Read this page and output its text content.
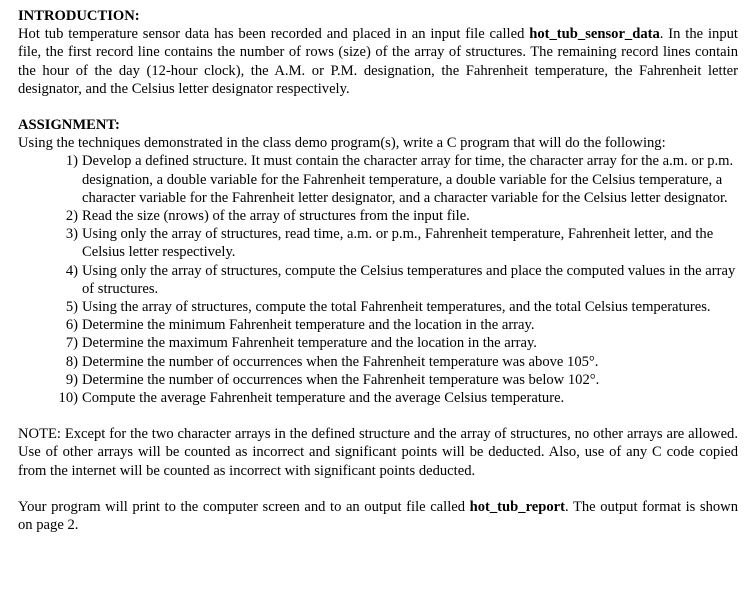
INTRODUCTION:

Hot tub temperature sensor data has been recorded and placed in an input file called hot_tub_sensor_data. In the input file, the first record line contains the number of rows (size) of the array of structures. The remaining record lines contain the hour of the day (12-hour clock), the A.M. or P.M. designation, the Fahrenheit temperature, the Fahrenheit letter designator, and the Celsius letter designator respectively.

ASSIGNMENT:

Using the techniques demonstrated in the class demo program(s), write a C program that will do the following:

1) Develop a defined structure. It must contain the character array for time, the character array for the a.m. or p.m. designation, a double variable for the Fahrenheit temperature, a double variable for the Celsius temperature, a character variable for the Fahrenheit letter designator, and a character variable for the Celsius letter designator.
2) Read the size (nrows) of the array of structures from the input file.
3) Using only the array of structures, read time, a.m. or p.m., Fahrenheit temperature, Fahrenheit letter, and the Celsius letter respectively.
4) Using only the array of structures, compute the Celsius temperatures and place the computed values in the array of structures.
5) Using the array of structures, compute the total Fahrenheit temperatures, and the total Celsius temperatures.
6) Determine the minimum Fahrenheit temperature and the location in the array.
7) Determine the maximum Fahrenheit temperature and the location in the array.
8) Determine the number of occurrences when the Fahrenheit temperature was above 105°.
9) Determine the number of occurrences when the Fahrenheit temperature was below 102°.
10) Compute the average Fahrenheit temperature and the average Celsius temperature.

NOTE: Except for the two character arrays in the defined structure and the array of structures, no other arrays are allowed. Use of other arrays will be counted as incorrect and significant points will be deducted. Also, use of any C code copied from the internet will be counted as incorrect with significant points deducted.

Your program will print to the computer screen and to an output file called hot_tub_report. The output format is shown on page 2.
